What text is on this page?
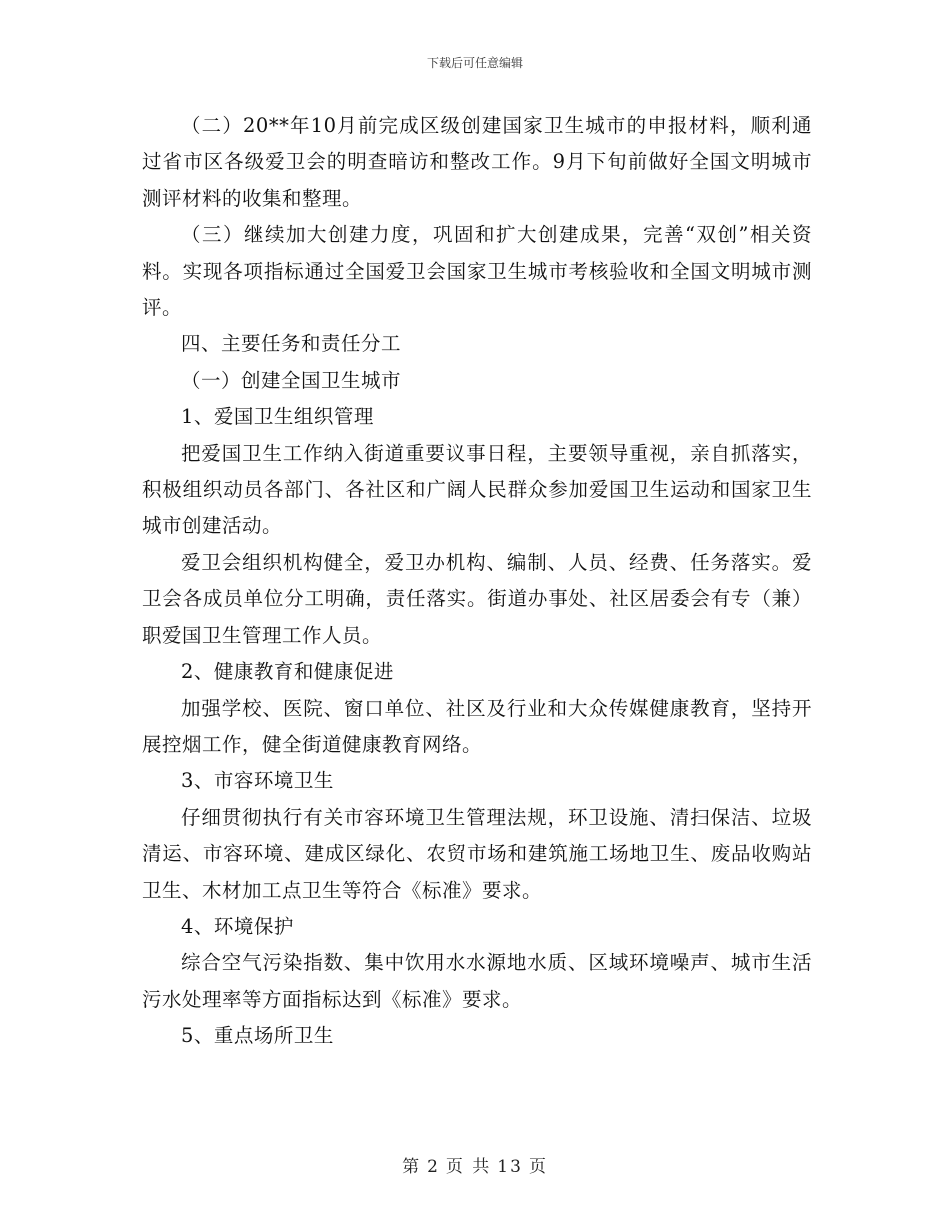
下载后可任意编辑

（二）20**年10月前完成区级创建国家卫生城市的申报材料，顺利通过省市区各级爱卫会的明查暗访和整改工作。9月下旬前做好全国文明城市测评材料的收集和整理。

（三）继续加大创建力度，巩固和扩大创建成果，完善“双创”相关资料。实现各项指标通过全国爱卫会国家卫生城市考核验收和全国文明城市测评。

四、主要任务和责任分工

（一）创建全国卫生城市

1、爱国卫生组织管理

把爱国卫生工作纳入街道重要议事日程，主要领导重视，亲自抓落实，积极组织动员各部门、各社区和广阔人民群众参加爱国卫生运动和国家卫生城市创建活动。

爱卫会组织机构健全，爱卫办机构、编制、人员、经费、任务落实。爱卫会各成员单位分工明确，责任落实。街道办事处、社区居委会有专（兼）职爱国卫生管理工作人员。

2、健康教育和健康促进

加强学校、医院、窗口单位、社区及行业和大众传媒健康教育，坚持开展控烟工作，健全街道健康教育网络。

3、市容环境卫生

仔细贯彻执行有关市容环境卫生管理法规，环卫设施、清扫保洁、垃圾清运、市容环境、建成区绿化、农贸市场和建筑施工场地卫生、废品收购站卫生、木材加工点卫生等符合《标准》要求。

4、环境保护

综合空气污染指数、集中饮用水水源地水质、区域环境噪声、城市生活污水处理率等方面指标达到《标准》要求。

5、重点场所卫生

第 2 页 共 13 页
